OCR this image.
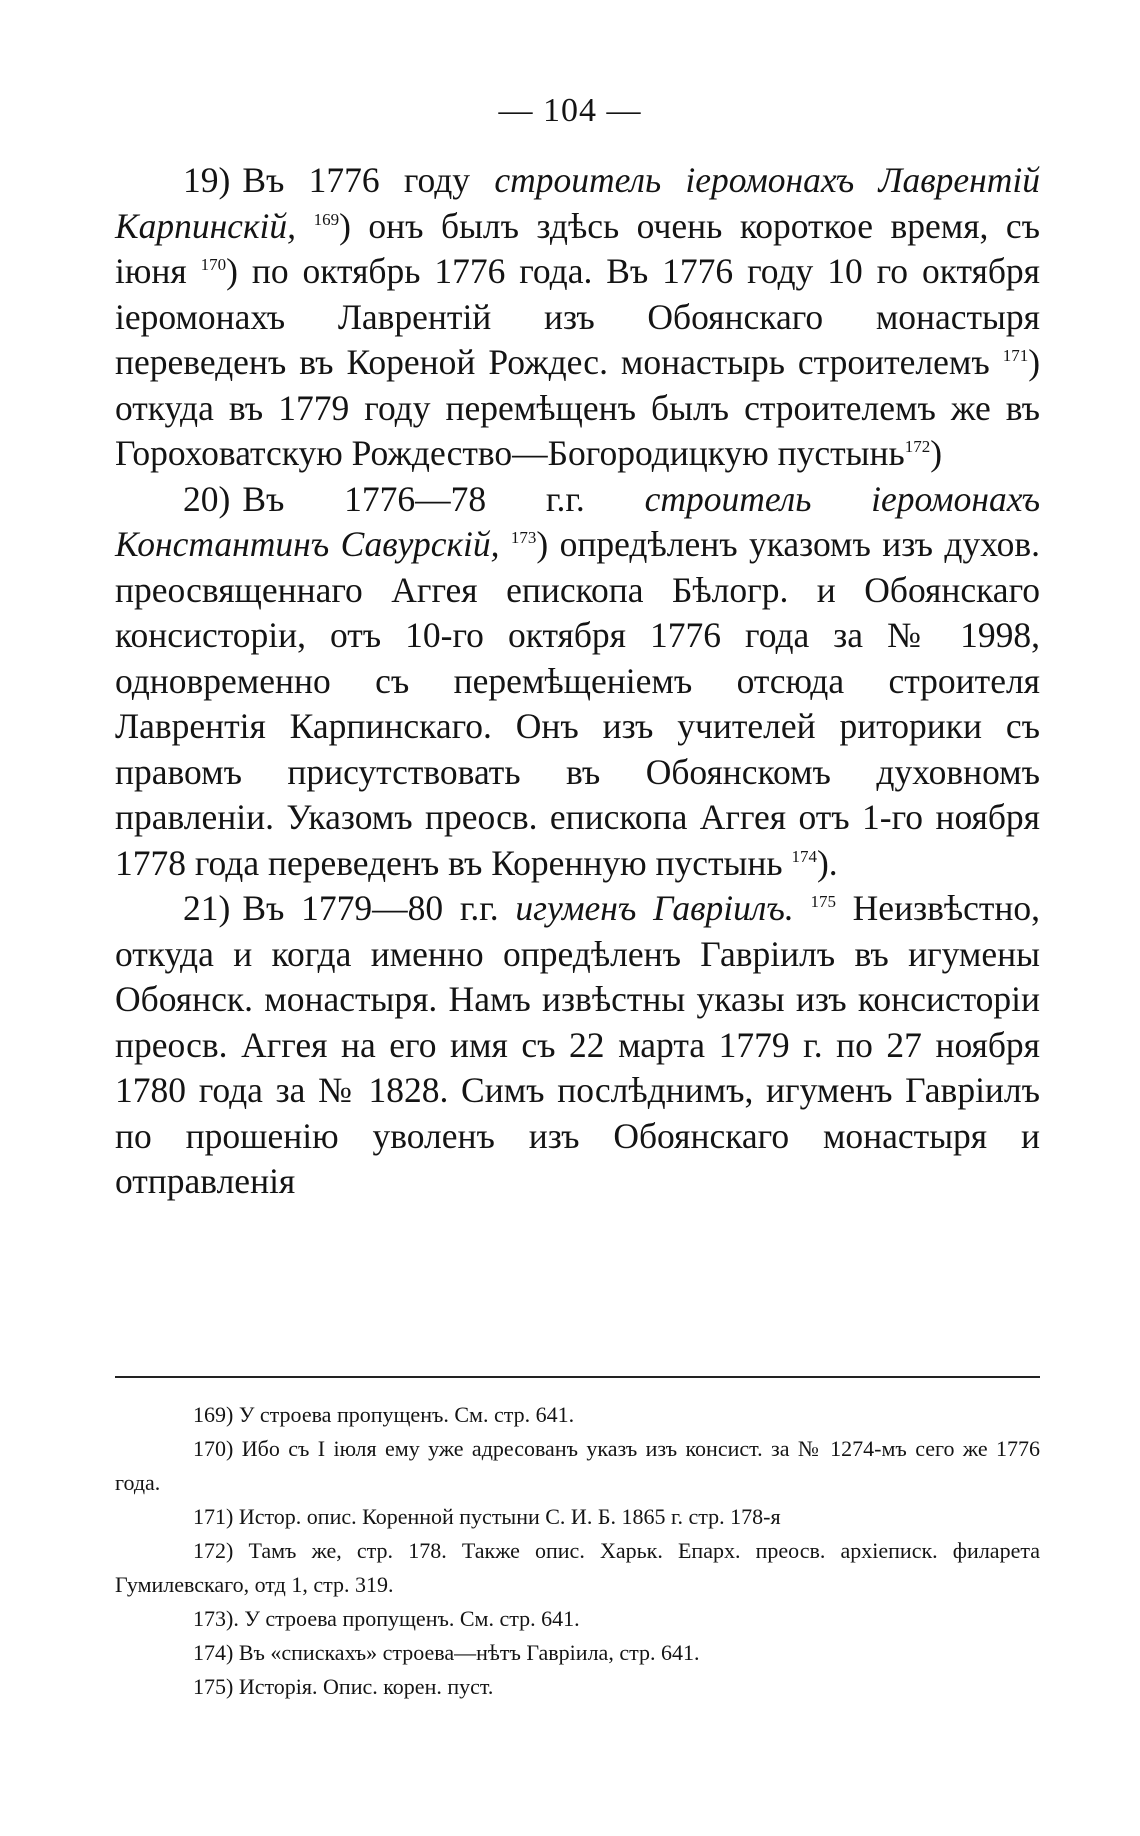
— 104 —

19) Въ 1776 году строитель іеромонахъ Лаврентій Карпинскій, $^{169}$) онъ былъ здѣсь очень короткое время, съ іюня $^{170}$) по октябрь 1776 года. Въ 1776 году 10 го октября іеромонахъ Лаврентій изъ Обоянскаго монастыря переведенъ въ Кореной Рождес. монастырь строителемъ $^{171}$) откуда въ 1779 году перемѣщенъ былъ строителемъ же въ Гороховатскую Рождество—Богородицкую пустынь$^{172}$)

20) Въ 1776—78 г.г. строитель іеромонахъ Константинъ Савурскій, $^{173}$) опредѣленъ указомъ изъ духов. преосвященнаго Аггея епископа Бѣлогр. и Обоянскаго консисторіи, отъ 10-го октября 1776 года за № 1998, одновременно съ перемѣщеніемъ отсюда строителя Лаврентія Карпинскаго. Онъ изъ учителей риторики съ правомъ присутствовать въ Обоянскомъ духовномъ правленіи. Указомъ преосв. епископа Аггея отъ 1-го ноября 1778 года переведенъ въ Коренную пустынь $^{174}$).

21) Въ 1779—80 г.г. игуменъ Гавріилъ. $^{175}$ Неизвѣстно, откуда и когда именно опредѣленъ Гавріилъ въ игумены Обоянск. монастыря. Намъ извѣстны указы изъ консисторіи преосв. Аггея на его имя съ 22 марта 1779 г. по 27 ноября 1780 года за № 1828. Симъ послѣднимъ, игуменъ Гавріилъ по прошенію уволенъ изъ Обоянскаго монастыря и отправленія

169) У строева пропущенъ. См. стр. 641.

170) Ибо съ I іюля ему уже адресованъ указъ изъ консист. за № 1274-мъ сего же 1776 года.

171) Истор. опис. Коренной пустыни С. И. Б. 1865 г. стр. 178-я

172) Тамъ же, стр. 178. Также опис. Харьк. Епарх. преосв. архіеписк. филарета Гумилевскаго, отд 1, стр. 319.

173). У строева пропущенъ. См. стр. 641.

174) Въ «спискахъ» строева—нѣтъ Гавріила, стр. 641.

175) Исторія. Опис. корен. пуст.
